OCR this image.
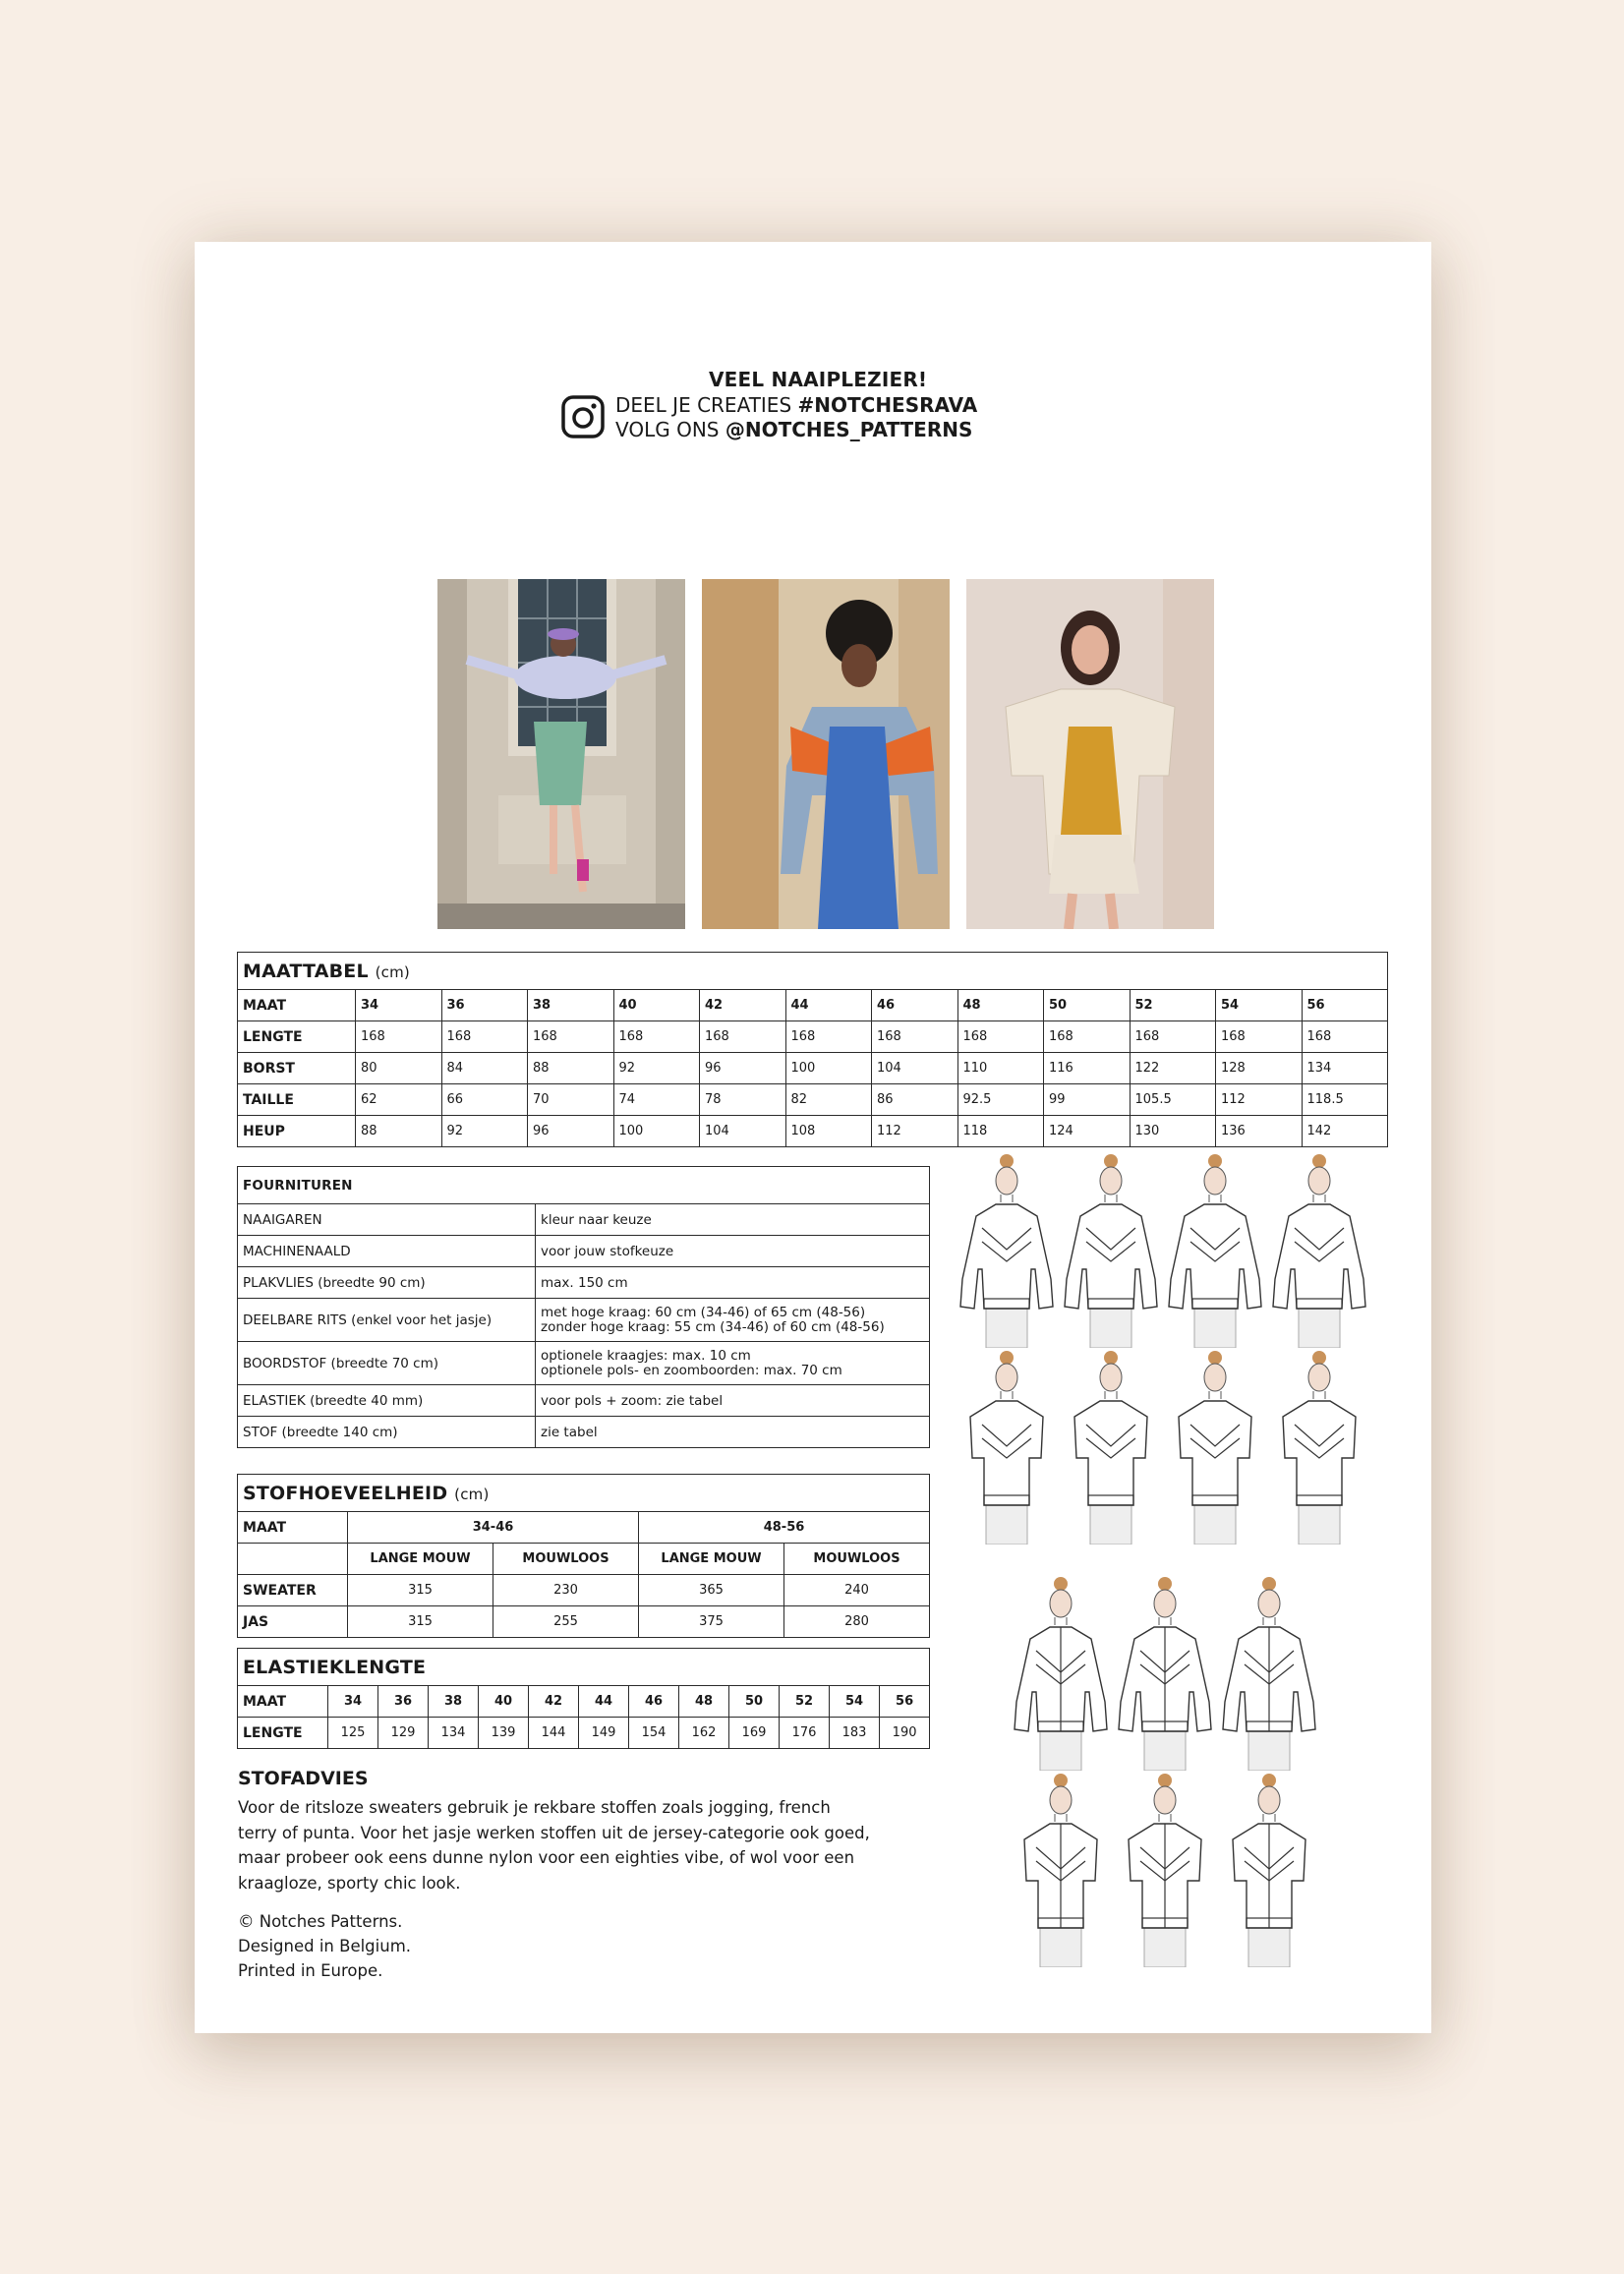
VEEL NAAIPLEZIER!
DEEL JE CREATIES #NOTCHESRAVA
VOLG ONS @NOTCHES_PATTERNS
MAATTABEL (cm)												
MAAT	34	36	38	40	42	44	46	48	50	52	54	56
LENGTE	168	168	168	168	168	168	168	168	168	168	168	168
BORST	80	84	88	92	96	100	104	110	116	122	128	134
TAILLE	62	66	70	74	78	82	86	92.5	99	105.5	112	118.5
HEUP	88	92	96	100	104	108	112	118	124	130	136	142
FOURNITUREN	
NAAIGAREN	kleur naar keuze
MACHINENAALD	voor jouw stofkeuze
PLAKVLIES (breedte 90 cm)	max. 150 cm
DEELBARE RITS (enkel voor het jasje)	met hoge kraag: 60 cm (34-46) of 65 cm (48-56)
zonder hoge kraag: 55 cm (34-46) of 60 cm (48-56)

BOORDSTOF (breedte 70 cm)	optionele kraagjes: max. 10 cm
optionele pols- en zoomboorden: max. 70 cm

ELASTIEK (breedte 40 mm)	voor pols + zoom: zie tabel
STOF (breedte 140 cm)	zie tabel
STOFHOEVEELHEID (cm)				
MAAT	34-46		48-56	
	LANGE MOUW	MOUWLOOS	LANGE MOUW	MOUWLOOS
SWEATER	315	230	365	240
JAS	315	255	375	280
ELASTIEKLENGTE												
MAAT	34	36	38	40	42	44	46	48	50	52	54	56
LENGTE	125	129	134	139	144	149	154	162	169	176	183	190
STOFADVIES
Voor de ritsloze sweaters gebruik je rekbare stoffen zoals jogging, french
terry of punta. Voor het jasje werken stoffen uit de jersey-categorie ook goed,
maar probeer ook eens dunne nylon voor een eighties vibe, of wol voor een
kraagloze, sporty chic look.
© Notches Patterns.
Designed in Belgium.
Printed in Europe.
